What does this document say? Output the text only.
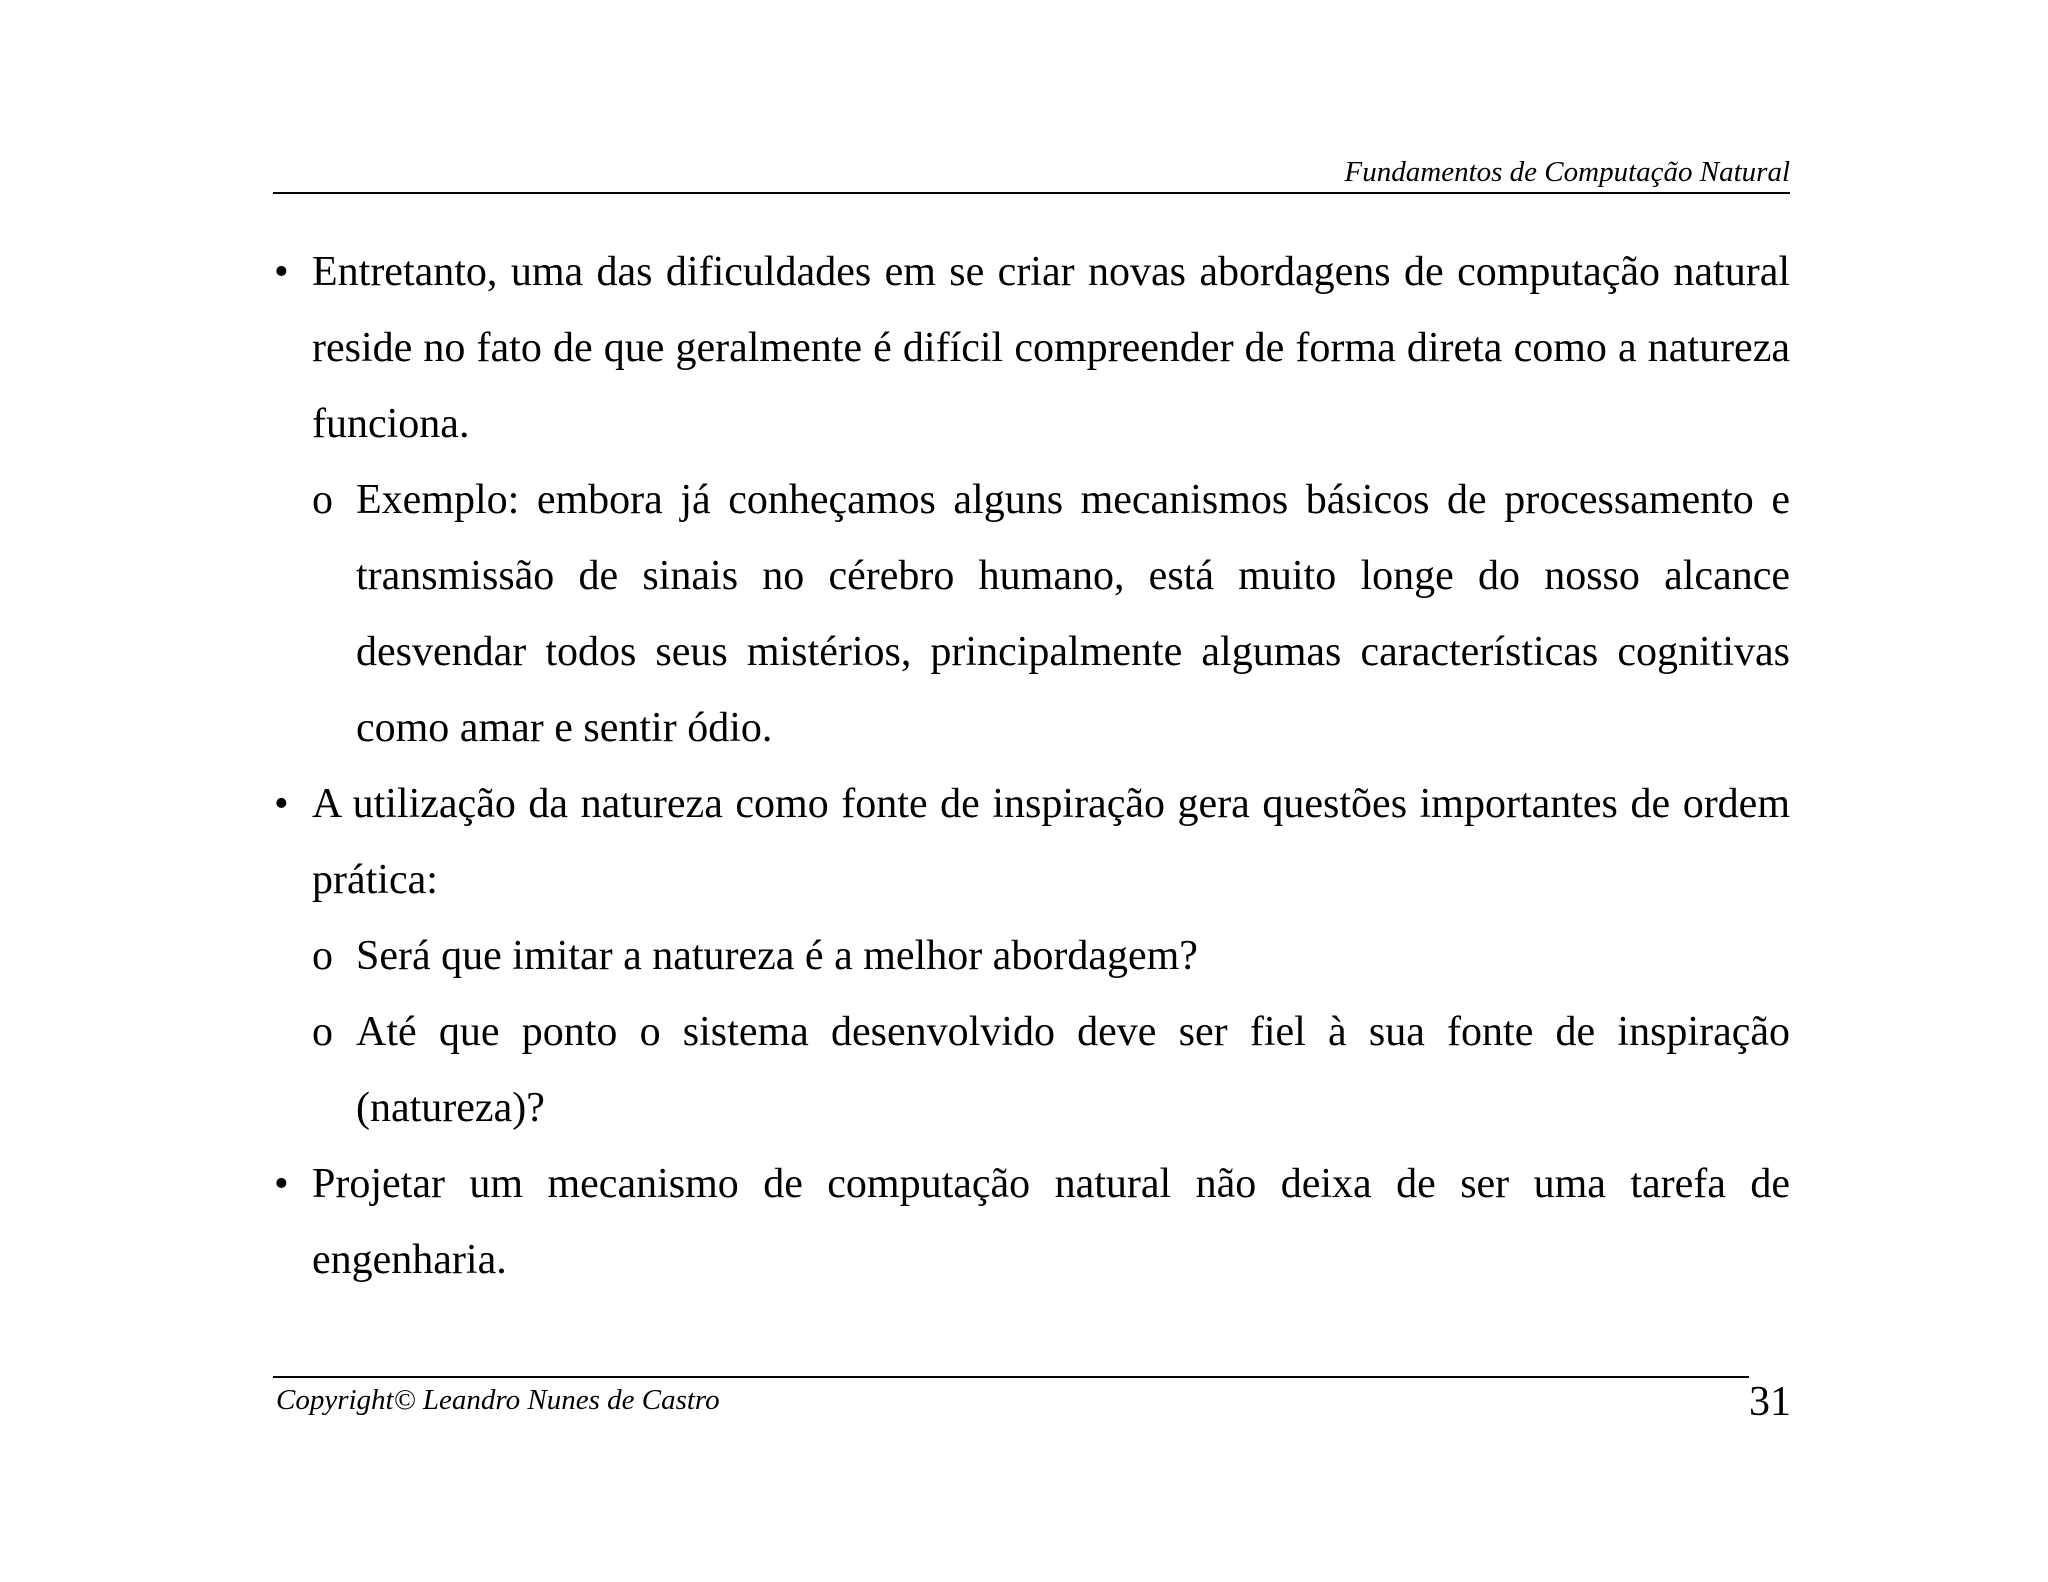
Fundamentos de Computação Natural
• Entretanto, uma das dificuldades em se criar novas abordagens de computação natural reside no fato de que geralmente é difícil compreender de forma direta como a natureza funciona.
o Exemplo: embora já conheçamos alguns mecanismos básicos de processamento e transmissão de sinais no cérebro humano, está muito longe do nosso alcance desvendar todos seus mistérios, principalmente algumas características cognitivas como amar e sentir ódio.
• A utilização da natureza como fonte de inspiração gera questões importantes de ordem prática:
o Será que imitar a natureza é a melhor abordagem?
o Até que ponto o sistema desenvolvido deve ser fiel à sua fonte de inspiração (natureza)?
• Projetar um mecanismo de computação natural não deixa de ser uma tarefa de engenharia.
Copyright© Leandro Nunes de Castro	31
